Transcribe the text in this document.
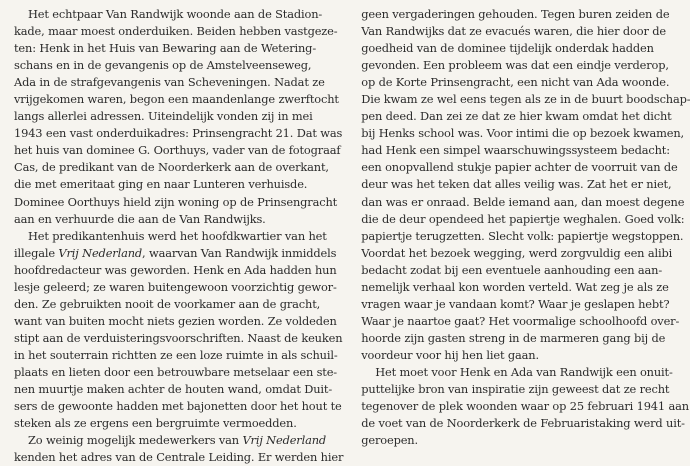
Het echtpaar Van Randwijk woonde aan de Stadion-
kade, maar moest onderduiken. Beiden hebben vastgeze-
ten: Henk in het Huis van Bewaring aan de Wetering-
schans en in de gevangenis op de Amstelveenseweg,
Ada in de strafgevangenis van Scheveningen. Nadat ze
vrijgekomen waren, begon een maandenlange zwerftocht
langs allerlei adressen. Uiteindelijk vonden zij in mei
1943 een vast onderduikadres: Prinsengracht 21. Dat was
het huis van dominee G. Oorthuys, vader van de fotograaf
Cas, de predikant van de Noorderkerk aan de overkant,
die met emeritaat ging en naar Lunteren verhuisde.
Dominee Oorthuys hield zijn woning op de Prinsengracht
aan en verhuurde die aan de Van Randwijks.
Het predikantenhuis werd het hoofdkwartier van het
illegale Vrij Nederland, waarvan Van Randwijk inmiddels
hoofdredacteur was geworden. Henk en Ada hadden hun
lesje geleerd; ze waren buitengewoon voorzichtig gewor-
den. Ze gebruikten nooit de voorkamer aan de gracht,
want van buiten mocht niets gezien worden. Ze voldeden
stipt aan de verduisteringsvoorschriften. Naast de keuken
in het souterrain richtten ze een loze ruimte in als schuil-
plaats en lieten door een betrouwbare metselaar een ste-
nen muurtje maken achter de houten wand, omdat Duit-
sers de gewoonte hadden met bajonetten door het hout te
steken als ze ergens een bergruimte vermoedden.
Zo weinig mogelijk medewerkers van Vrij Nederland
kenden het adres van de Centrale Leiding. Er werden hier
geen vergaderingen gehouden. Tegen buren zeiden de
Van Randwijks dat ze evacués waren, die hier door de
goedheid van de dominee tijdelijk onderdak hadden
gevonden. Een probleem was dat een eindje verderop,
op de Korte Prinsengracht, een nicht van Ada woonde.
Die kwam ze wel eens tegen als ze in de buurt boodschap-
pen deed. Dan zei ze dat ze hier kwam omdat het dicht
bij Henks school was. Voor intimi die op bezoek kwamen,
had Henk een simpel waarschuwingssysteem bedacht:
een onopvallend stukje papier achter de voorruit van de
deur was het teken dat alles veilig was. Zat het er niet,
dan was er onraad. Belde iemand aan, dan moest degene
die de deur opendeed het papiertje weghalen. Goed volk:
papiertje terugzetten. Slecht volk: papiertje wegstoppen.
Voordat het bezoek wegging, werd zorgvuldig een alibi
bedacht zodat bij een eventuele aanhouding een aan-
nemelijk verhaal kon worden verteld. Wat zeg je als ze
vragen waar je vandaan komt? Waar je geslapen hebt?
Waar je naartoe gaat? Het voormalige schoolhoofd over-
hoorde zijn gasten streng in de marmeren gang bij de
voordeur voor hij hen liet gaan.
Het moet voor Henk en Ada van Randwijk een onuit-
puttelijke bron van inspiratie zijn geweest dat ze recht
tegenover de plek woonden waar op 25 februari 1941 aan
de voet van de Noorderkerk de Februaristaking werd uit-
geroepen.
